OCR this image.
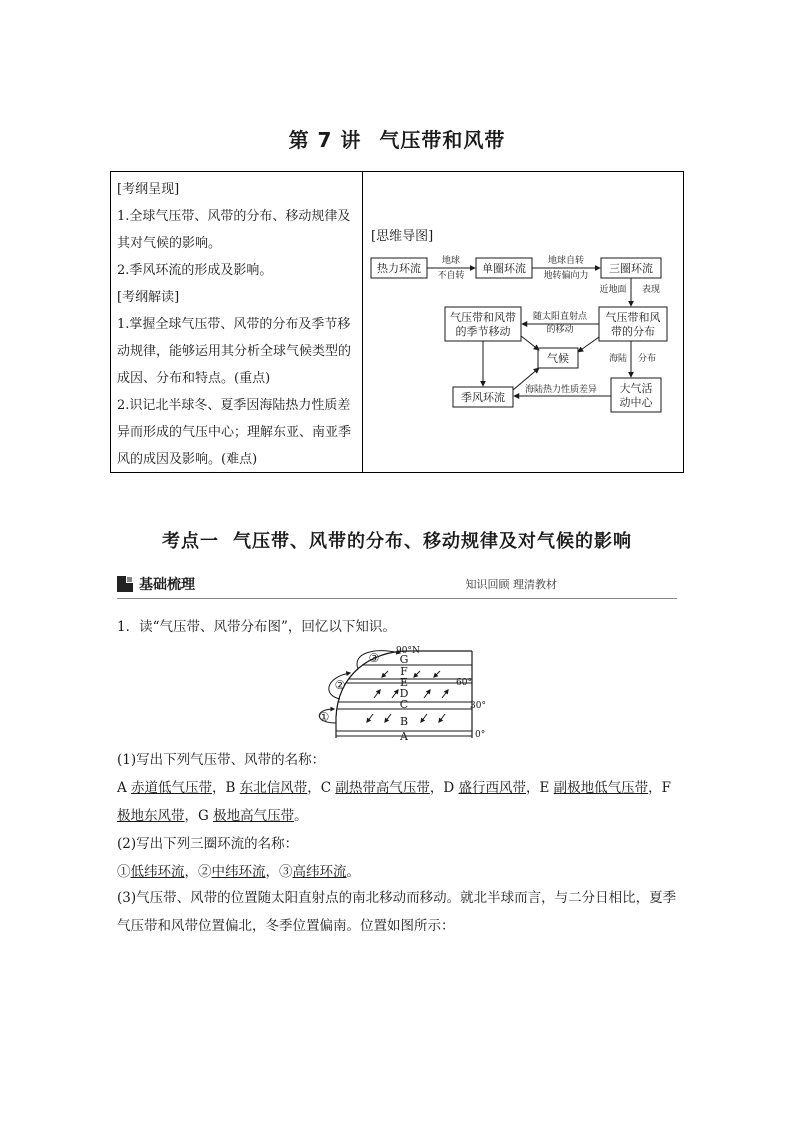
第 7 讲 气压带和风带

[考纲呈现]

1.全球气压带、风带的分布、移动规律及其对气候的影响。

2.季风环流的形成及影响。

[考纲解读]

1.掌握全球气压带、风带的分布及季节移动规律，能够运用其分析全球气候类型的成因、分布和特点。(重点)

2.识记北半球冬、夏季因海陆热力性质差异而形成的气压中心；理解东亚、南亚季风的成因及影响。(难点)

[思维导图]
热力环流	单圈环流	三圈环流
气压带和风带
的季节移动
气压带和风
带的分布
气候
季风环流
大气活
动中心
地球
不自转
地球自转
地转偏向力
近地面 表现
随太阳直射点
的移动
海陆 分布
海陆热力性质差异
考点一 气压带、风带的分布、移动规律及对气候的影响
基础梳理	知识回顾 理清教材
1．读“气压带、风带分布图”，回忆以下知识。
A
B
C
D
E
F
G
①
②
③ 90°N
60°
30°
0°
(1)写出下列气压带、风带的名称：
A 赤道低气压带，B 东北信风带，C 副热带高气压带，D 盛行西风带，E 副极地低气压带，F
极地东风带，G 极地高气压带。
(2)写出下列三圈环流的名称：
①低纬环流，②中纬环流，③高纬环流。
(3)气压带、风带的位置随太阳直射点的南北移动而移动。就北半球而言，与二分日相比，夏季气压带和风带位置偏北，冬季位置偏南。位置如图所示：
